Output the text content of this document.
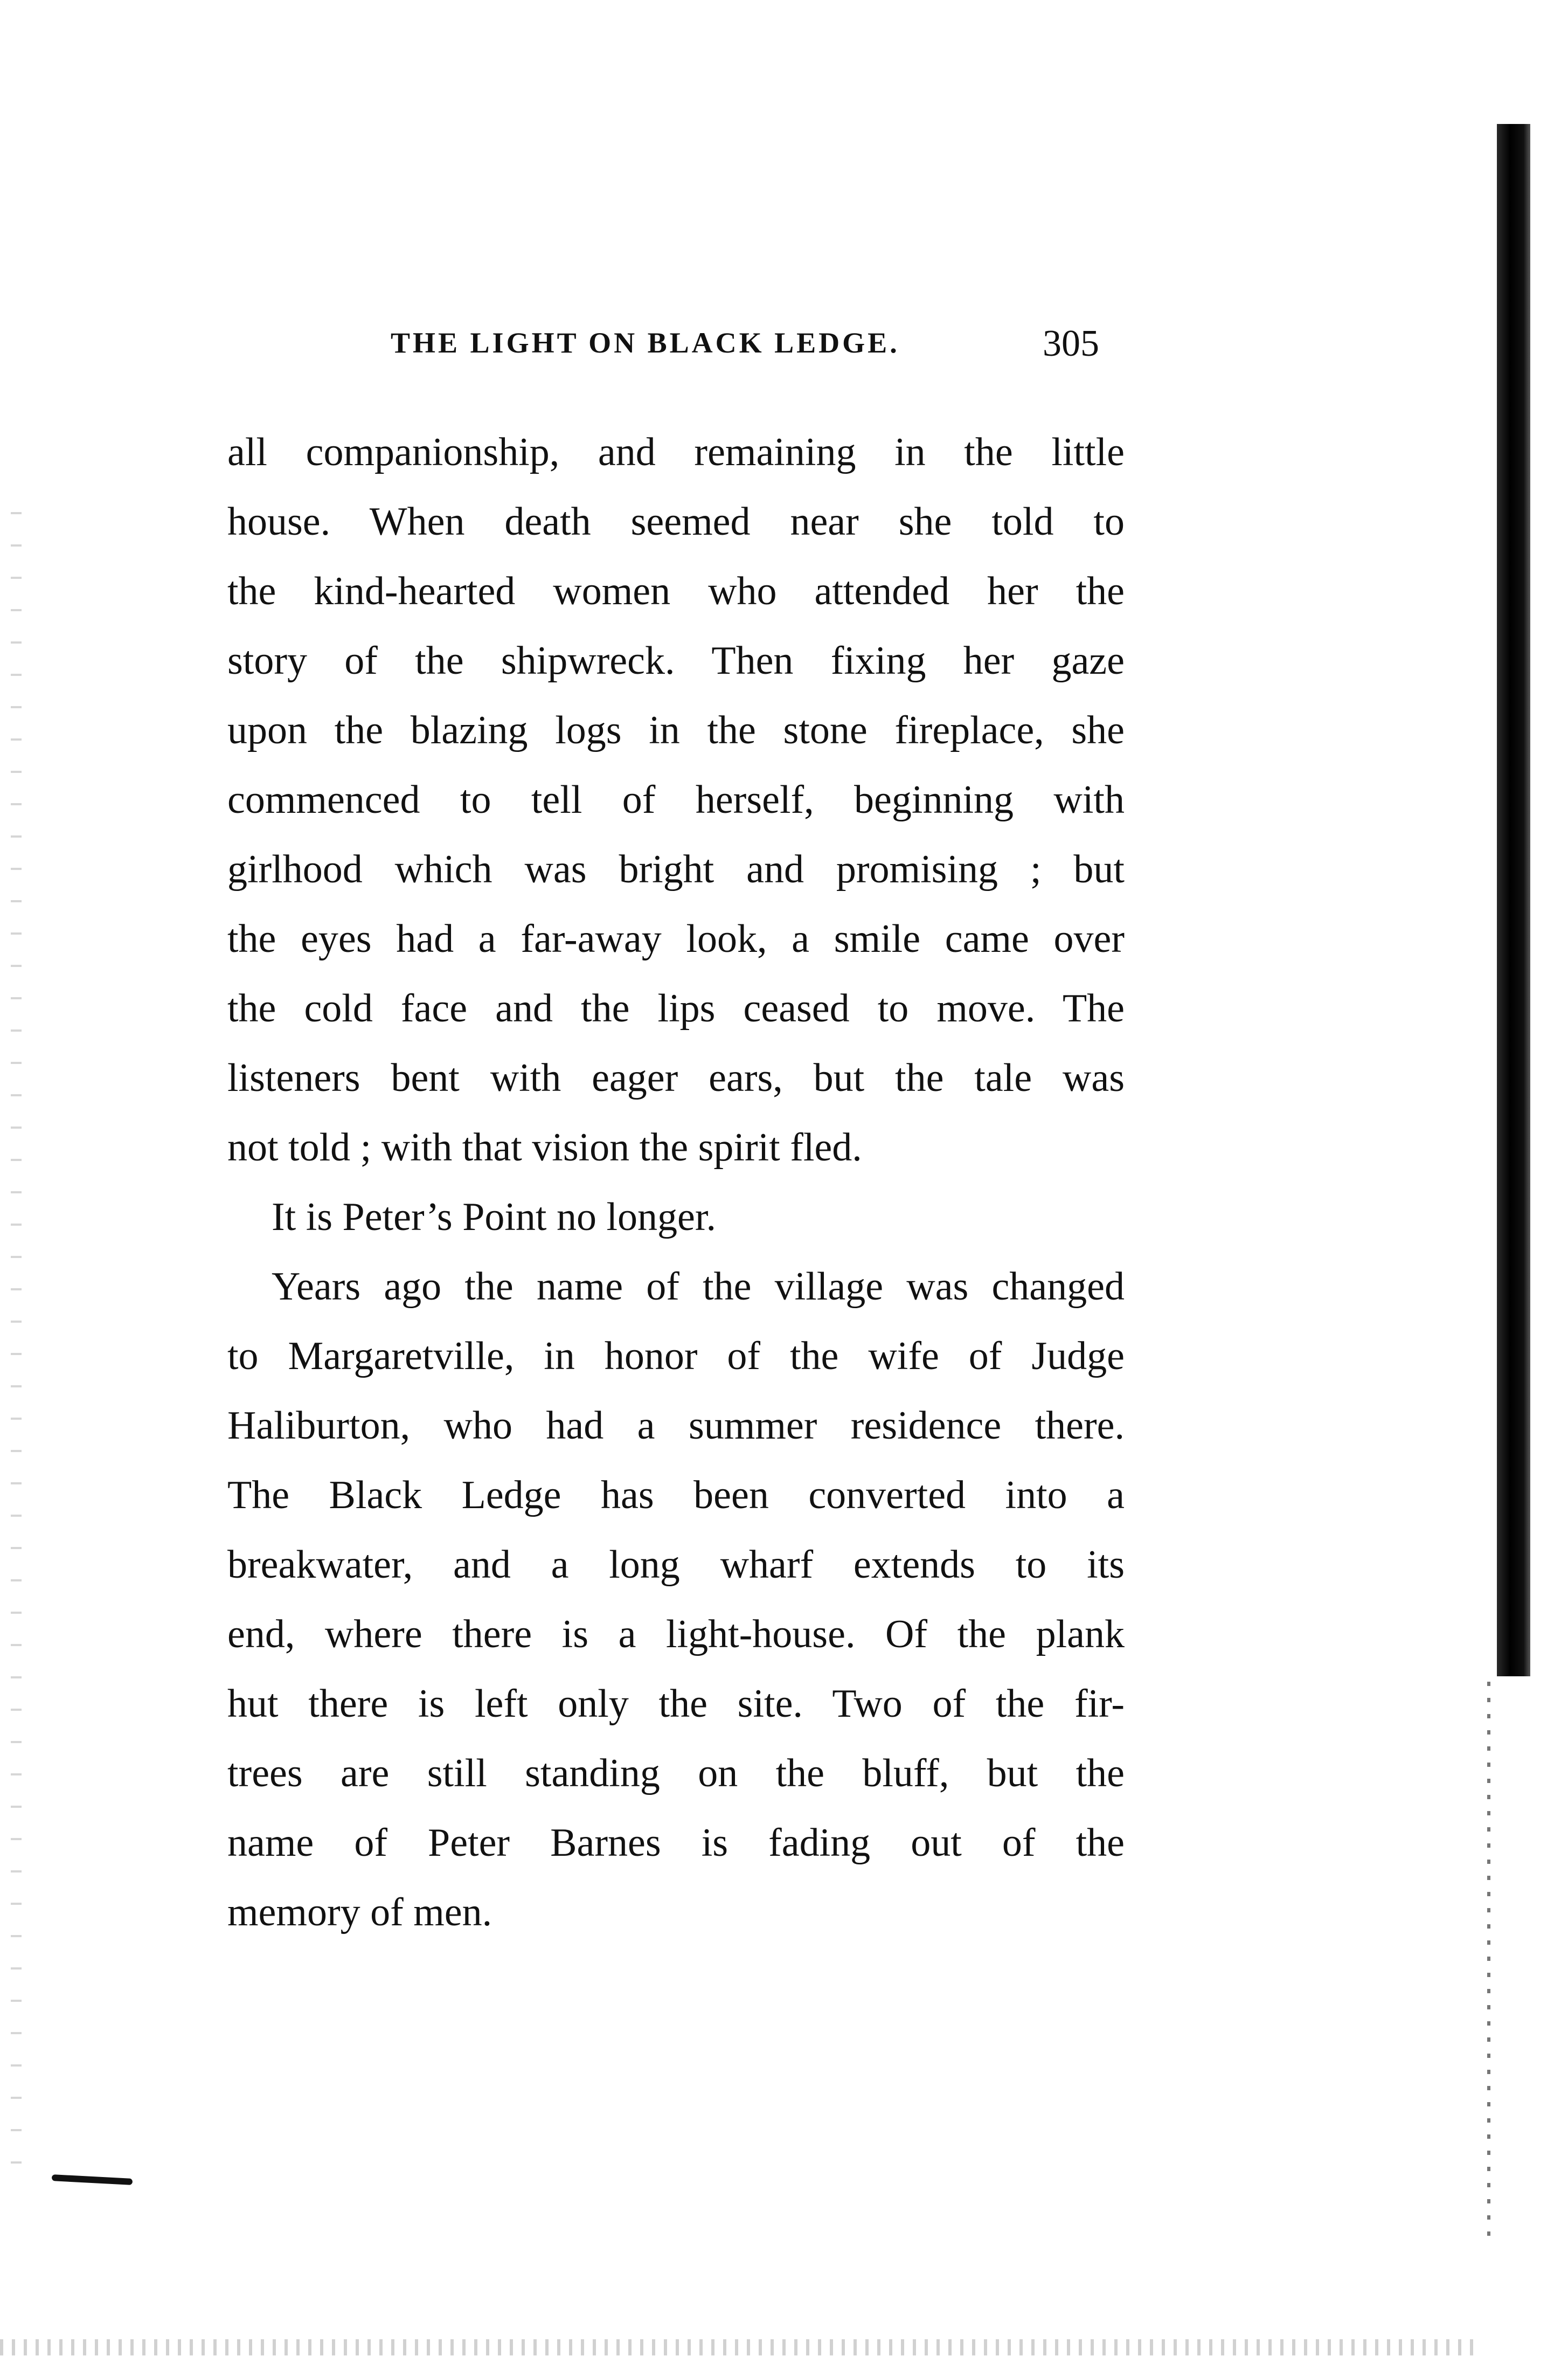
THE LIGHT ON BLACK LEDGE.	305
all companionship, and remaining in the little
house. When death seemed near she told to
the kind-hearted women who attended her the
story of the shipwreck. Then fixing her gaze
upon the blazing logs in the stone fireplace, she
commenced to tell of herself, beginning with
girlhood which was bright and promising ; but
the eyes had a far-away look, a smile came over
the cold face and the lips ceased to move. The
listeners bent with eager ears, but the tale was
not told ; with that vision the spirit fled.
It is Peter’s Point no longer.
Years ago the name of the village was changed
to Margaretville, in honor of the wife of Judge
Haliburton, who had a summer residence there.
The Black Ledge has been converted into a
breakwater, and a long wharf extends to its
end, where there is a light-house. Of the plank
hut there is left only the site. Two of the fir-
trees are still standing on the bluff, but the
name of Peter Barnes is fading out of the
memory of men.
